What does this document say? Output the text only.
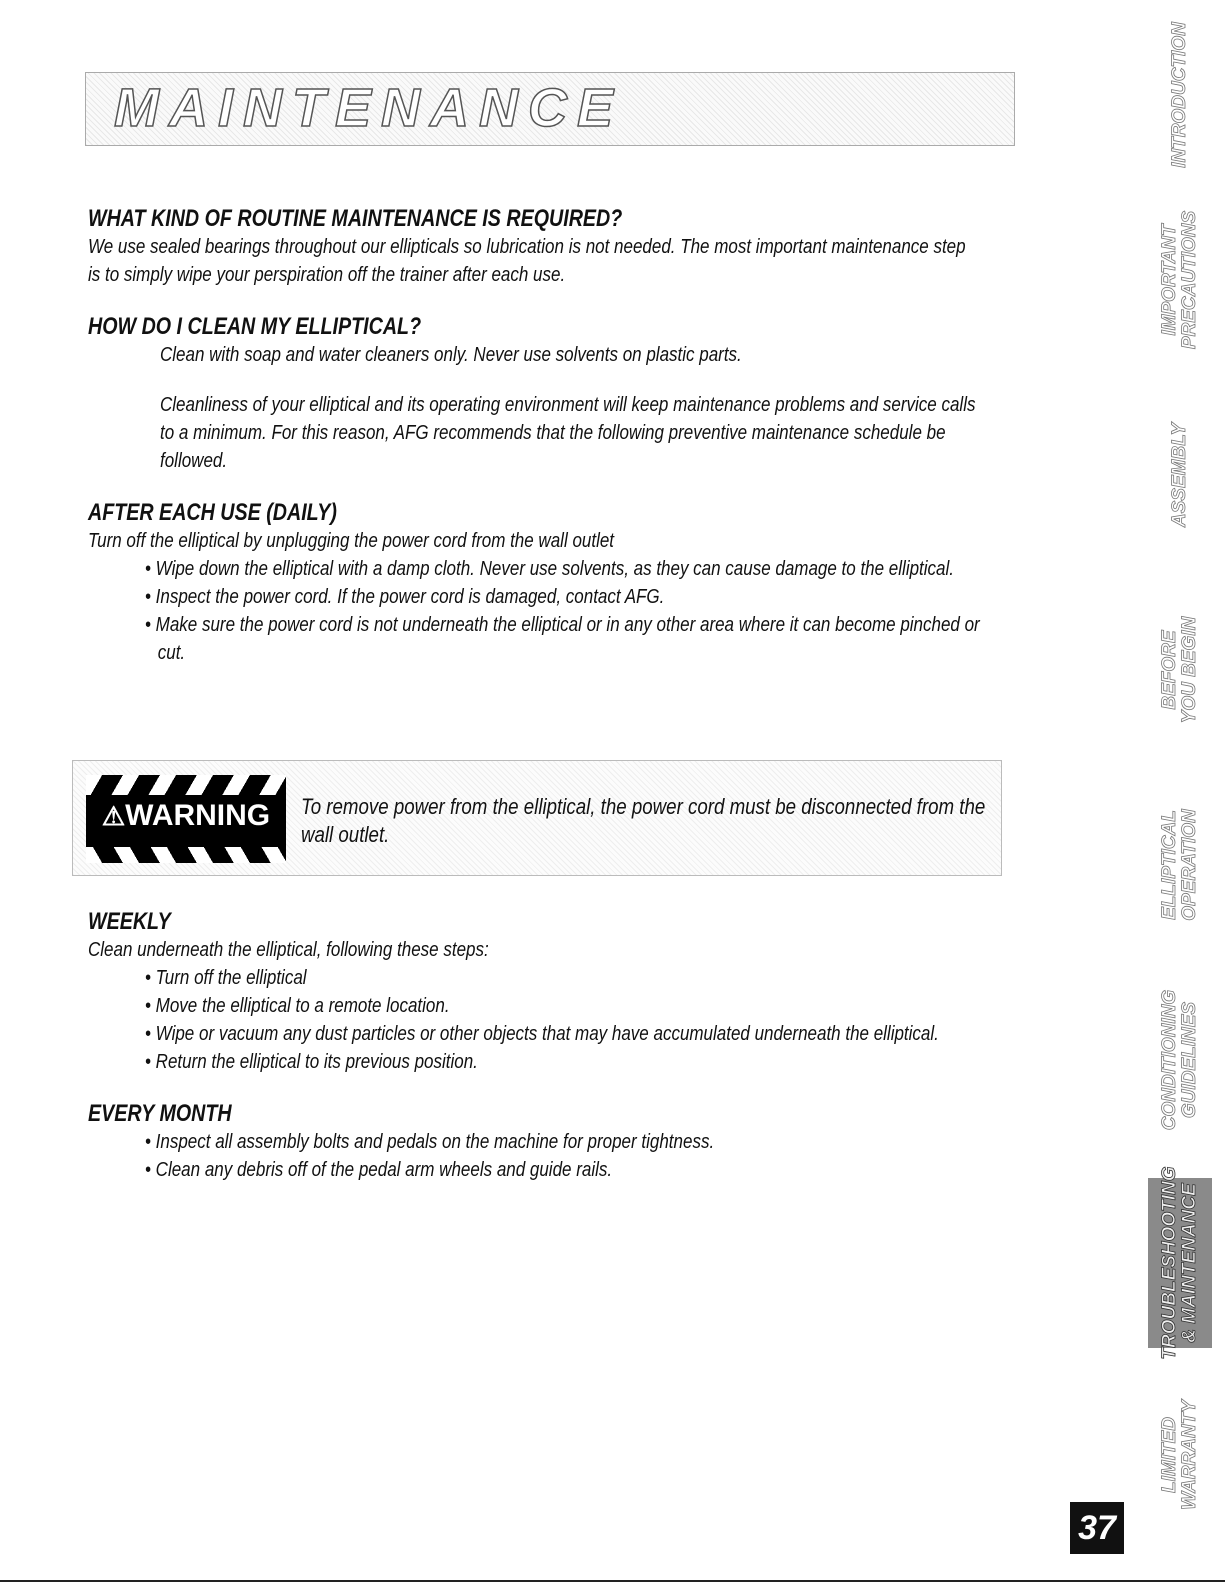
MAINTENANCE

WHAT KIND OF ROUTINE MAINTENANCE IS REQUIRED?

We use sealed bearings throughout our ellipticals so lubrication is not needed. The most important maintenance step is to simply wipe your perspiration off the trainer after each use.

HOW DO I CLEAN MY ELLIPTICAL?

Clean with soap and water cleaners only. Never use solvents on plastic parts.

Cleanliness of your elliptical and its operating environment will keep maintenance problems and service calls to a minimum. For this reason, AFG recommends that the following preventive maintenance schedule be followed.

AFTER EACH USE (DAILY)

Turn off the elliptical by unplugging the power cord from the wall outlet

• Wipe down the elliptical with a damp cloth. Never use solvents, as they can cause damage to the elliptical.

• Inspect the power cord. If the power cord is damaged, contact AFG.

• Make sure the power cord is not underneath the elliptical or in any other area where it can become pinched or cut.

⚠WARNING	To remove power from the elliptical, the power cord must be disconnected from the wall outlet.

WEEKLY

Clean underneath the elliptical, following these steps:

• Turn off the elliptical

• Move the elliptical to a remote location.

• Wipe or vacuum any dust particles or other objects that may have accumulated underneath the elliptical.

• Return the elliptical to its previous position.

EVERY MONTH

• Inspect all assembly bolts and pedals on the machine for proper tightness.

• Clean any debris off of the pedal arm wheels and guide rails.

INTRODUCTION
IMPORTANT
PRECAUTIONS
ASSEMBLY
BEFORE
YOU BEGIN
ELLIPTICAL
OPERATION
CONDITIONING
GUIDELINES
TROUBLESHOOTING
& MAINTENANCE
LIMITED
WARRANTY
37
